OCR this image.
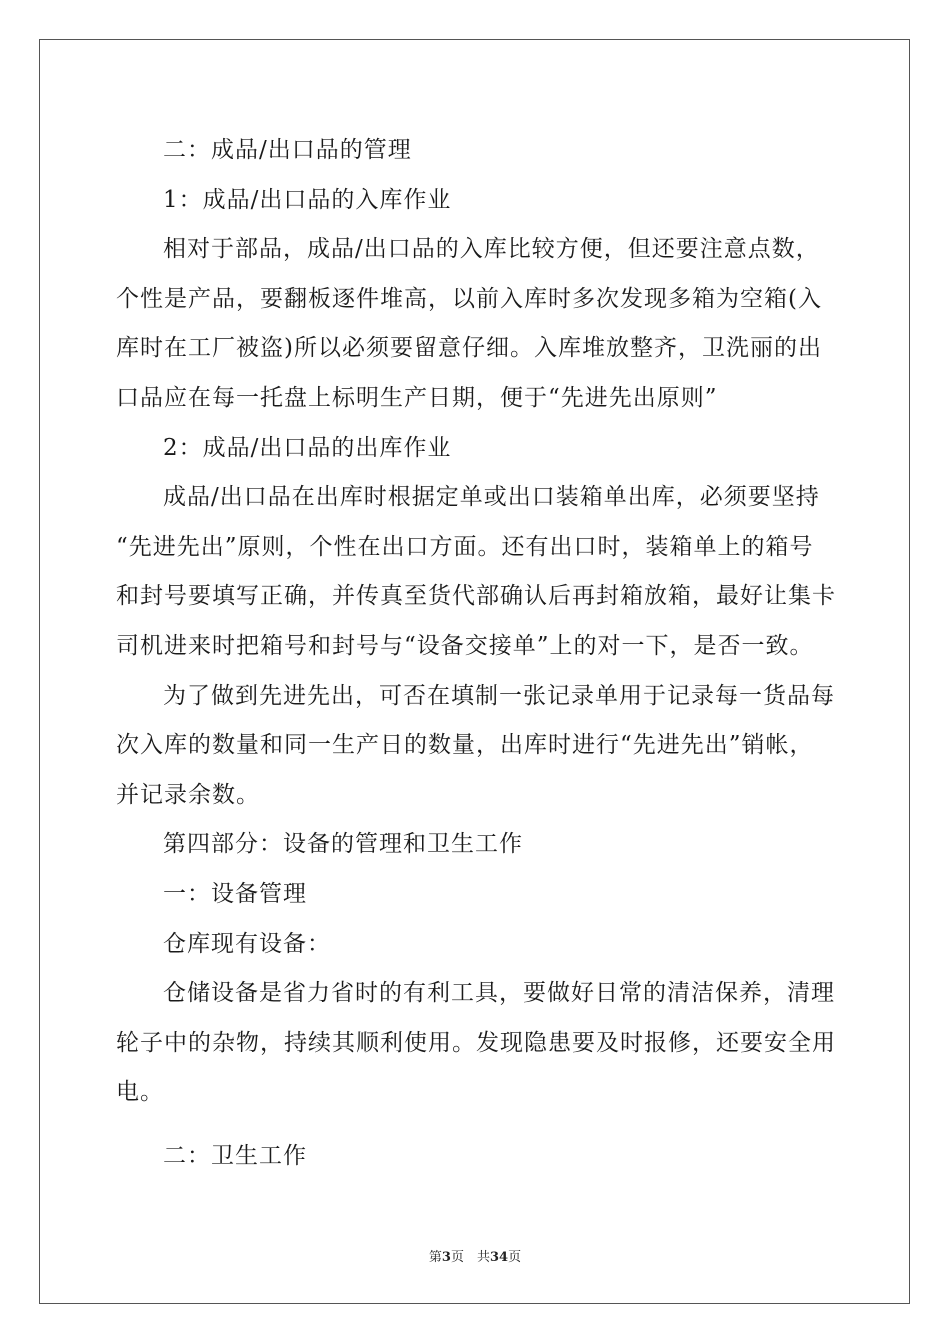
二：成品/出口品的管理
1：成品/出口品的入库作业
相对于部品，成品/出口品的入库比较方便，但还要注意点数，
个性是产品，要翻板逐件堆高，以前入库时多次发现多箱为空箱(入
库时在工厂被盗)所以必须要留意仔细。入库堆放整齐，卫洗丽的出
口品应在每一托盘上标明生产日期，便于“先进先出原则”
2：成品/出口品的出库作业
成品/出口品在出库时根据定单或出口装箱单出库，必须要坚持
“先进先出”原则，个性在出口方面。还有出口时，装箱单上的箱号
和封号要填写正确，并传真至货代部确认后再封箱放箱，最好让集卡
司机进来时把箱号和封号与“设备交接单”上的对一下，是否一致。
为了做到先进先出，可否在填制一张记录单用于记录每一货品每
次入库的数量和同一生产日的数量，出库时进行“先进先出”销帐，
并记录余数。
第四部分：设备的管理和卫生工作
一：设备管理
仓库现有设备：
仓储设备是省力省时的有利工具，要做好日常的清洁保养，清理
轮子中的杂物，持续其顺利使用。发现隐患要及时报修，还要安全用
电。
二：卫生工作
第3页　共34页
